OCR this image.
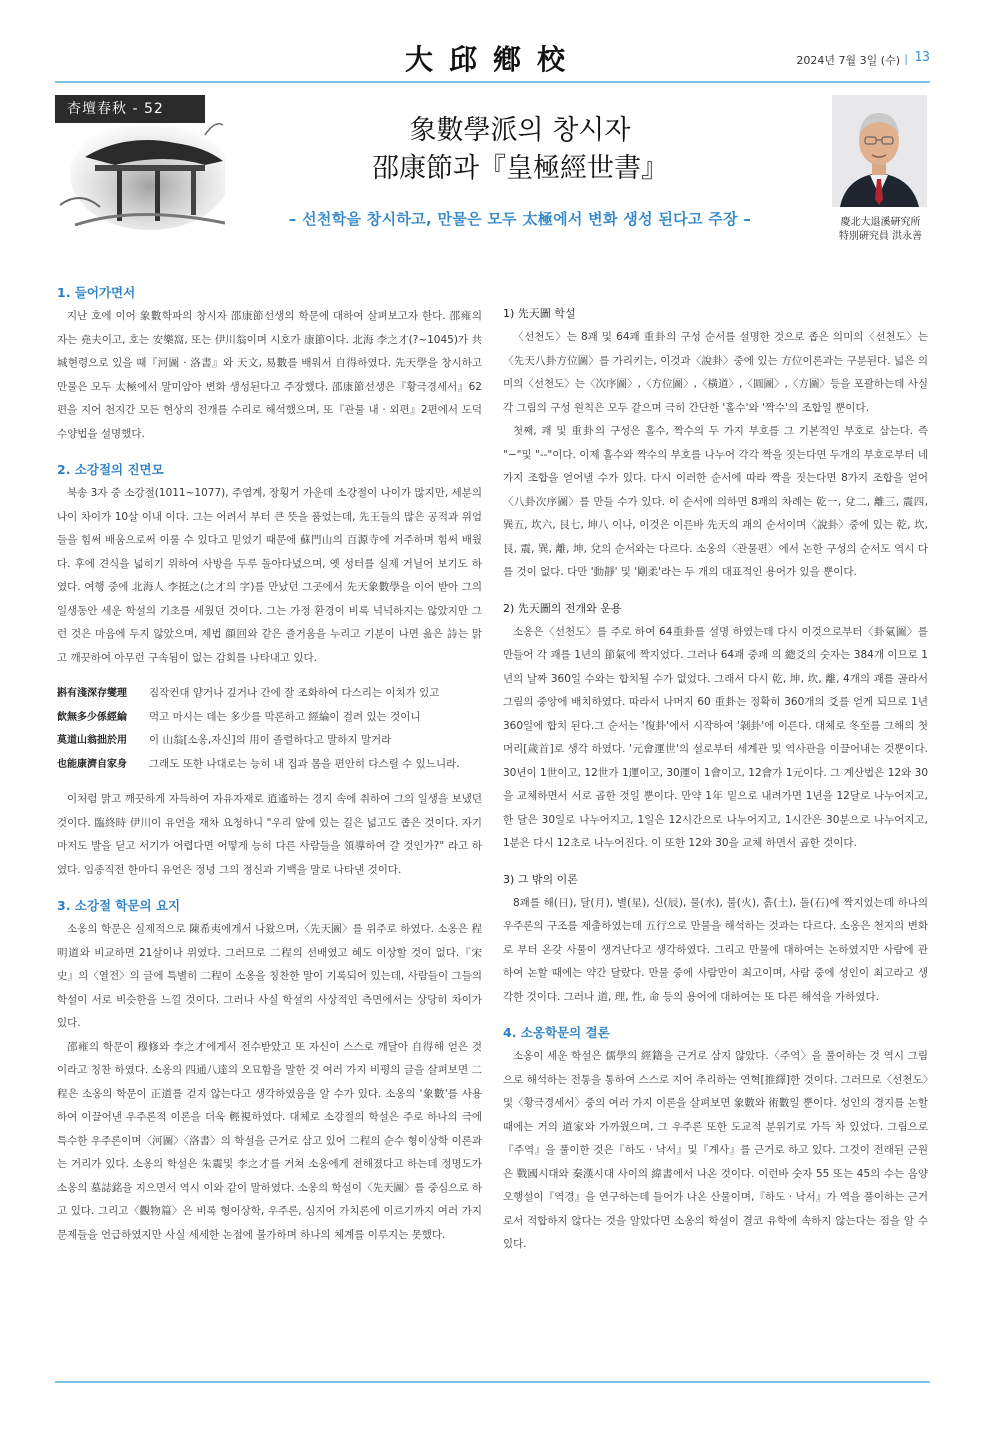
大邱鄕校	2024년 7월 3일 (수) | 13
杏壇春秋 - 52
象數學派의 창시자
邵康節과『皇極經世書』
– 선천학을 창시하고, 만물은 모두 太極에서 변화 생성 된다고 주장 –	慶北大退溪硏究所
特別硏究員 洪永善
1. 들어가면서

지난 호에 이어 象數학파의 창시자 邵康節선생의 학문에 대하여 살펴보고자 한다. 邵雍의 자는 堯夫이고, 호는 安樂窩, 또는 伊川翁이며 시호가 康節이다. 北海 李之才(?~1045)가 共城현령으로 있을 때『河圖 · 洛書』와 天文, 易數를 배워서 自得하였다. 先天學을 창시하고 만물은 모두 太極에서 말미암아 변화 생성된다고 주장했다. 邵康節선생은『황극경세서』62편을 지어 천지간 모든 현상의 전개를 수리로 해석했으며, 또『관물 내 · 외편』2편에서 도덕 수양법을 설명했다.

2. 소강절의 진면모

북송 3자 중 소강절(1011~1077), 주염계, 장횡거 가운데 소강절이 나이가 많지만, 세분의 나이 차이가 10살 이내 이다. 그는 어려서 부터 큰 뜻을 품었는데, 先王들의 많은 공적과 위엄들을 힘써 배움으로써 이룰 수 있다고 믿었기 때문에 蘇門山의 百源寺에 거주하며 힘써 배웠다. 후에 견식을 넓히기 위하여 사방을 두루 돌아다녔으며, 옛 성터를 실제 거닐어 보기도 하였다. 여행 중에 北海人 李挺之(之才의 字)를 만났던 그곳에서 先天象數學을 이어 받아 그의 일생동안 세운 학설의 기초를 세웠던 것이다. 그는 가정 환경이 비록 넉넉하지는 않았지만 그런 것은 마음에 두지 않았으며, 제법 顔回와 같은 즐거움을 누리고 기분이 나면 읊은 詩는 맑고 깨끗하여 아무런 구속됨이 없는 감회를 나타내고 있다.

斟有淺深存燮理	짐작컨대 얕거나 깊거나 간에 잘 조화하여 다스리는 이치가 있고
飮無多少係經綸	먹고 마시는 데는 多少를 막론하고 經綸이 걸려 있는 것이니
莫道山翁拙於用	이 山翁[소옹,자신]의 用이 졸렬하다고 말하지 말거라
也能康濟自家身	그래도 또한 나대로는 능히 내 집과 몸을 편안히 다스릴 수 있느니라.

이처럼 맑고 깨끗하게 자득하여 자유자재로 逍遙하는 경지 속에 취하여 그의 일생을 보냈던 것이다. 臨終時 伊川이 유언을 재차 요청하니 "우리 앞에 있는 길은 넓고도 좁은 것이다. 자기마저도 발을 딛고 서기가 어렵다면 어떻게 능히 다른 사람들을 領導하여 갈 것인가?" 라고 하였다. 임종직전 한마디 유언은 정녕 그의 정신과 기백을 말로 나타낸 것이다.

3. 소강절 학문의 요지

소옹의 학문은 실제적으로 陳希夷에게서 나왔으며,〈先天圖〉를 위주로 하였다. 소옹은 程明道와 비교하면 21살이나 위였다. 그러므로 二程의 선배였고 혜도 이상할 것이 없다.『宋史』의〈열전〉의 글에 특별히 二程이 소옹을 칭찬한 말이 기록되어 있는데, 사람들이 그들의 학설이 서로 비슷한을 느낄 것이다. 그러나 사실 학설의 사상적인 측면에서는 상당히 차이가 있다.

邵雍의 학문이 穆修와 李之才에게서 전수받았고 또 자신이 스스로 깨달아 自得해 얻은 것이라고 칭찬 하였다. 소옹의 四通八達의 오묘함을 말한 것 여러 가지 비평의 글을 살펴보면 二程은 소옹의 학문이 正道를 걷지 않는다고 생각하였음을 알 수가 있다. 소옹의 '象數'를 사용하여 이끌어낸 우주론적 이론을 더욱 輕視하였다. 대체로 소강절의 학설은 주로 하나의 극에 특수한 우주론이며〈河圖〉〈洛書〉의 학설을 근거로 삼고 있어 二程의 순수 형이상학 이론과는 거리가 있다. 소옹의 학설은 朱震및 李之才를 거쳐 소옹에게 전해졌다고 하는데 정명도가 소옹의 墓誌銘을 지으면서 역시 이와 같이 말하였다. 소옹의 학설이〈先天圖〉를 중심으로 하고 있다. 그리고〈觀物篇〉은 비록 형이상학, 우주론, 심지어 가치론에 이르기까지 여러 가지 문제들을 언급하였지만 사실 세세한 논점에 불가하며 하나의 체계를 이루지는 못했다.

1) 先天圖 학설

〈선천도〉는 8괘 및 64괘 重卦의 구성 순서를 설명한 것으로 좁은 의미의〈선천도〉는〈先天八卦方位圖〉를 가리키는, 이것과〈說卦〉중에 있는 方位이론과는 구분된다. 넓은 의미의〈선천도〉는〈次序圖〉,〈方位圖〉,〈橫道〉,〈圓圖〉,〈方圖〉등을 포괄하는데 사실 각 그림의 구성 원칙은 모두 같으며 극히 간단한 '홀수'와 '짝수'의 조합일 뿐이다.

첫째, 괘 및 重卦의 구성은 홀수, 짝수의 두 가지 부호를 그 기본적인 부호로 삼는다. 즉 "−"및 "--"이다. 이제 홀수와 짝수의 부호를 나누어 각각 짝을 짓는다면 두개의 부호로부터 네 가지 조합을 얻어낼 수가 있다. 다시 이러한 순서에 따라 짝을 짓는다면 8가지 조합을 얻어〈八卦次序圖〉를 만들 수가 있다. 이 순서에 의하면 8괘의 차례는 乾一, 兌二, 離三, 震四, 巽五, 坎六, 艮七, 坤八 이나, 이것은 이른바 先天의 괘의 순서이며〈說卦〉중에 있는 乾, 坎, 艮, 震, 巽, 離, 坤, 兌의 순서와는 다르다. 소옹의〈관물편〉에서 논한 구성의 순서도 역시 다를 것이 없다. 다만 '動靜' 및 '剛柔'라는 두 개의 대표적인 용어가 있을 뿐이다.

2) 先天圖의 전개와 운용

소옹은〈선천도〉를 주로 하여 64重卦를 설명 하였는데 다시 이것으로부터〈卦氣圖〉를 만들어 각 괘를 1년의 節氣에 짝지었다. 그러나 64괘 중괘 의 總爻의 숫자는 384개 이므로 1년의 날짜 360일 수와는 합치될 수가 없었다. 그래서 다시 乾, 坤, 坎, 離, 4개의 괘를 골라서 그림의 중앙에 배치하였다. 따라서 나머지 60 重卦는 정확히 360개의 爻를 얻게 되므로 1년 360일에 합치 된다.그 순서는 '復卦'에서 시작하여 '剝卦'에 이른다. 대체로 冬至를 그해의 첫머리[歲首]로 생각 하였다. '元會運世'의 설로부터 세계관 및 역사관을 이끌어내는 것뿐이다. 30년이 1世이고, 12世가 1運이고, 30運이 1會이고, 12會가 1元이다. 그 계산법은 12와 30을 교체하면서 서로 곱한 것일 뿐이다. 만약 1年 밑으로 내려가면 1년을 12달로 나누어지고, 한 달은 30일로 나누어지고, 1일은 12시간으로 나누어지고, 1시간은 30분으로 나누어지고, 1분은 다시 12초로 나누어진다. 이 또한 12와 30을 교체 하면서 곱한 것이다.

3) 그 밖의 이론

8괘를 해(日), 달(月), 별(星), 신(辰), 물(水), 불(火), 흙(土), 돌(石)에 짝지었는데 하나의 우주론의 구조를 제출하였는데 五行으로 만물을 해석하는 것과는 다르다. 소옹은 천지의 변화로 부터 온갖 사물이 생겨난다고 생각하였다. 그리고 만물에 대하여는 논하였지만 사람에 관하여 논할 때에는 약간 달랐다. 만물 중에 사람만이 최고이며, 사람 중에 성인이 최고라고 생각한 것이다. 그러나 道, 理, 性, 命 등의 용어에 대하여는 또 다른 해석을 가하였다.

4. 소옹학문의 결론

소옹이 세운 학설은 儒學의 經籍을 근거로 삼지 않았다.〈주역〉을 풀이하는 것 역시 그림으로 해석하는 전통을 통하여 스스로 지어 추리하는 연혁[推繹]한 것이다. 그러므로〈선천도〉및〈황극경세서〉중의 여러 가지 이론을 살펴보면 象數와 術數일 뿐이다. 성인의 경지를 논할 때에는 거의 道家와 가까웠으며, 그 우주론 또한 도교적 분위기로 가득 차 있었다. 그림으로『주역』을 풀이한 것은『하도 · 낙서』및『계사』를 근거로 하고 있다. 그것이 전래된 근원은 戰國시대와 秦漢시대 사이의 緯書에서 나온 것이다. 이런바 숫자 55 또는 45의 수는 음양오행설이『역경』을 연구하는데 들어가 나온 산물이며,『하도 · 낙서』가 역을 풀이하는 근거로서 적합하지 않다는 것을 알았다면 소옹의 학설이 결코 유학에 속하지 않는다는 점을 알 수 있다.
